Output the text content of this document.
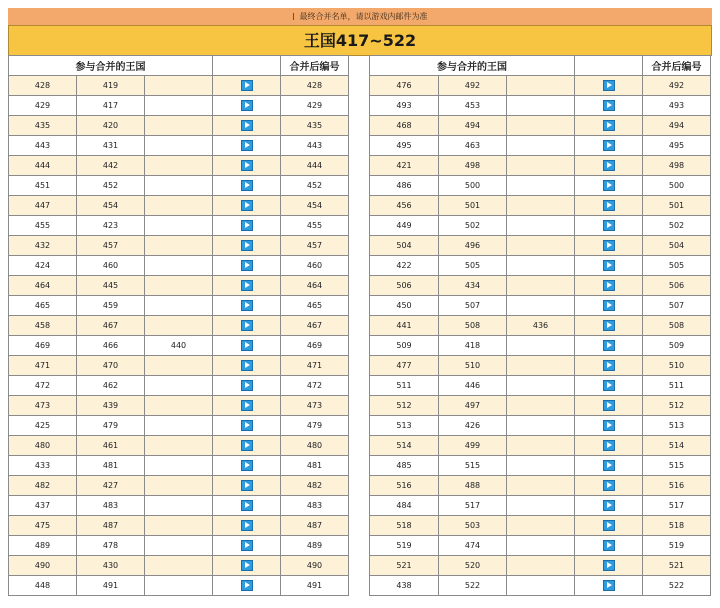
最终合并名单，请以游戏内邮件为准
王国417~522
参与合并的王国				合并后编号
428	419			428
429	417			429
435	420			435
443	431			443
444	442			444
451	452			452
447	454			454
455	423			455
432	457			457
424	460			460
464	445			464
465	459			465
458	467			467
469	466	440		469
471	470			471
472	462			472
473	439			473
425	479			479
480	461			480
433	481			481
482	427			482
437	483			483
475	487			487
489	478			489
490	430			490
448	491			491
参与合并的王国				合并后编号
476	492			492
493	453			493
468	494			494
495	463			495
421	498			498
486	500			500
456	501			501
449	502			502
504	496			504
422	505			505
506	434			506
450	507			507
441	508	436		508
509	418			509
477	510			510
511	446			511
512	497			512
513	426			513
514	499			514
485	515			515
516	488			516
484	517			517
518	503			518
519	474			519
521	520			521
438	522			522
